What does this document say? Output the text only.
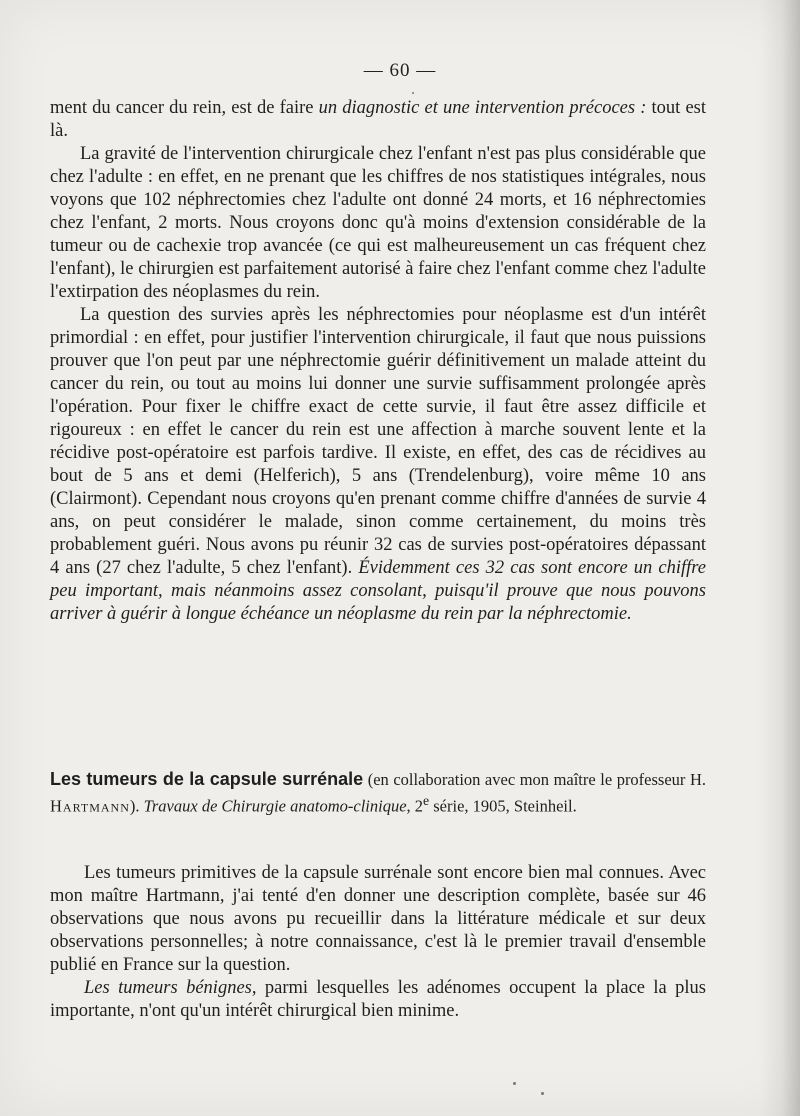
— 60 —

ment du cancer du rein, est de faire un diagnostic et une intervention précoces : tout est là.

La gravité de l'intervention chirurgicale chez l'enfant n'est pas plus considérable que chez l'adulte : en effet, en ne prenant que les chiffres de nos statistiques intégrales, nous voyons que 102 néphrectomies chez l'adulte ont donné 24 morts, et 16 néphrectomies chez l'enfant, 2 morts. Nous croyons donc qu'à moins d'extension considérable de la tumeur ou de cachexie trop avancée (ce qui est malheureusement un cas fréquent chez l'enfant), le chirurgien est parfaitement autorisé à faire chez l'enfant comme chez l'adulte l'extirpation des néoplasmes du rein.

La question des survies après les néphrectomies pour néoplasme est d'un intérêt primordial : en effet, pour justifier l'intervention chirurgicale, il faut que nous puissions prouver que l'on peut par une néphrectomie guérir définitivement un malade atteint du cancer du rein, ou tout au moins lui donner une survie suffisamment prolongée après l'opération. Pour fixer le chiffre exact de cette survie, il faut être assez difficile et rigoureux : en effet le cancer du rein est une affection à marche souvent lente et la récidive post-opératoire est parfois tardive. Il existe, en effet, des cas de récidives au bout de 5 ans et demi (Helferich), 5 ans (Trendelenburg), voire même 10 ans (Clairmont). Cependant nous croyons qu'en prenant comme chiffre d'années de survie 4 ans, on peut considérer le malade, sinon comme certainement, du moins très probablement guéri. Nous avons pu réunir 32 cas de survies post-opératoires dépassant 4 ans (27 chez l'adulte, 5 chez l'enfant). Évidemment ces 32 cas sont encore un chiffre peu important, mais néanmoins assez consolant, puisqu'il prouve que nous pouvons arriver à guérir à longue échéance un néoplasme du rein par la néphrectomie.

Les tumeurs de la capsule surrénale (en collaboration avec mon maître le professeur H. Hartmann). Travaux de Chirurgie anatomo-clinique, 2e série, 1905, Steinheil.

Les tumeurs primitives de la capsule surrénale sont encore bien mal connues. Avec mon maître Hartmann, j'ai tenté d'en donner une description complète, basée sur 46 observations que nous avons pu recueillir dans la littérature médicale et sur deux observations personnelles; à notre connaissance, c'est là le premier travail d'ensemble publié en France sur la question.

Les tumeurs bénignes, parmi lesquelles les adénomes occupent la place la plus importante, n'ont qu'un intérêt chirurgical bien minime.
